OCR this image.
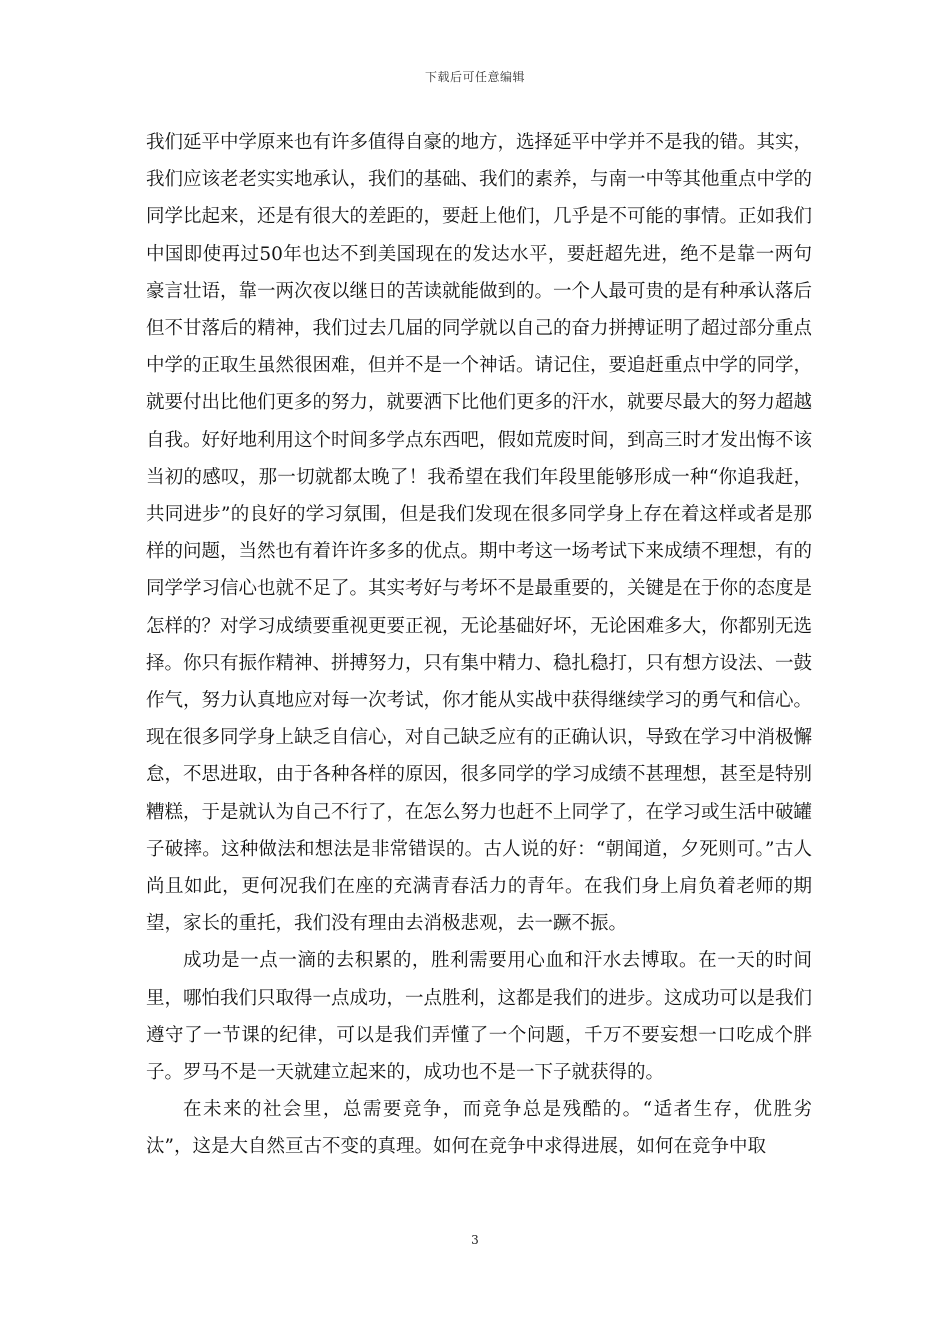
下载后可任意编辑

我们延平中学原来也有许多值得自豪的地方，选择延平中学并不是我的错。其实，我们应该老老实实地承认，我们的基础、我们的素养，与南一中等其他重点中学的同学比起来，还是有很大的差距的，要赶上他们，几乎是不可能的事情。正如我们中国即使再过50年也达不到美国现在的发达水平，要赶超先进，绝不是靠一两句豪言壮语，靠一两次夜以继日的苦读就能做到的。一个人最可贵的是有种承认落后但不甘落后的精神，我们过去几届的同学就以自己的奋力拼搏证明了超过部分重点中学的正取生虽然很困难，但并不是一个神话。请记住，要追赶重点中学的同学，就要付出比他们更多的努力，就要洒下比他们更多的汗水，就要尽最大的努力超越自我。好好地利用这个时间多学点东西吧，假如荒废时间，到高三时才发出悔不该当初的感叹，那一切就都太晚了！我希望在我们年段里能够形成一种“你追我赶，共同进步”的良好的学习氛围，但是我们发现在很多同学身上存在着这样或者是那样的问题，当然也有着许许多多的优点。期中考这一场考试下来成绩不理想，有的同学学习信心也就不足了。其实考好与考坏不是最重要的，关键是在于你的态度是怎样的？对学习成绩要重视更要正视，无论基础好坏，无论困难多大，你都别无选择。你只有振作精神、拼搏努力，只有集中精力、稳扎稳打，只有想方设法、一鼓作气，努力认真地应对每一次考试，你才能从实战中获得继续学习的勇气和信心。现在很多同学身上缺乏自信心，对自己缺乏应有的正确认识，导致在学习中消极懈怠，不思进取，由于各种各样的原因，很多同学的学习成绩不甚理想，甚至是特别糟糕，于是就认为自己不行了，在怎么努力也赶不上同学了，在学习或生活中破罐子破摔。这种做法和想法是非常错误的。古人说的好：“朝闻道，夕死则可。”古人尚且如此，更何况我们在座的充满青春活力的青年。在我们身上肩负着老师的期望，家长的重托，我们没有理由去消极悲观，去一蹶不振。

成功是一点一滴的去积累的，胜利需要用心血和汗水去博取。在一天的时间里，哪怕我们只取得一点成功，一点胜利，这都是我们的进步。这成功可以是我们遵守了一节课的纪律，可以是我们弄懂了一个问题，千万不要妄想一口吃成个胖子。罗马不是一天就建立起来的，成功也不是一下子就获得的。

在未来的社会里，总需要竞争，而竞争总是残酷的。“适者生存，优胜劣汰”，这是大自然亘古不变的真理。如何在竞争中求得进展，如何在竞争中取

3
